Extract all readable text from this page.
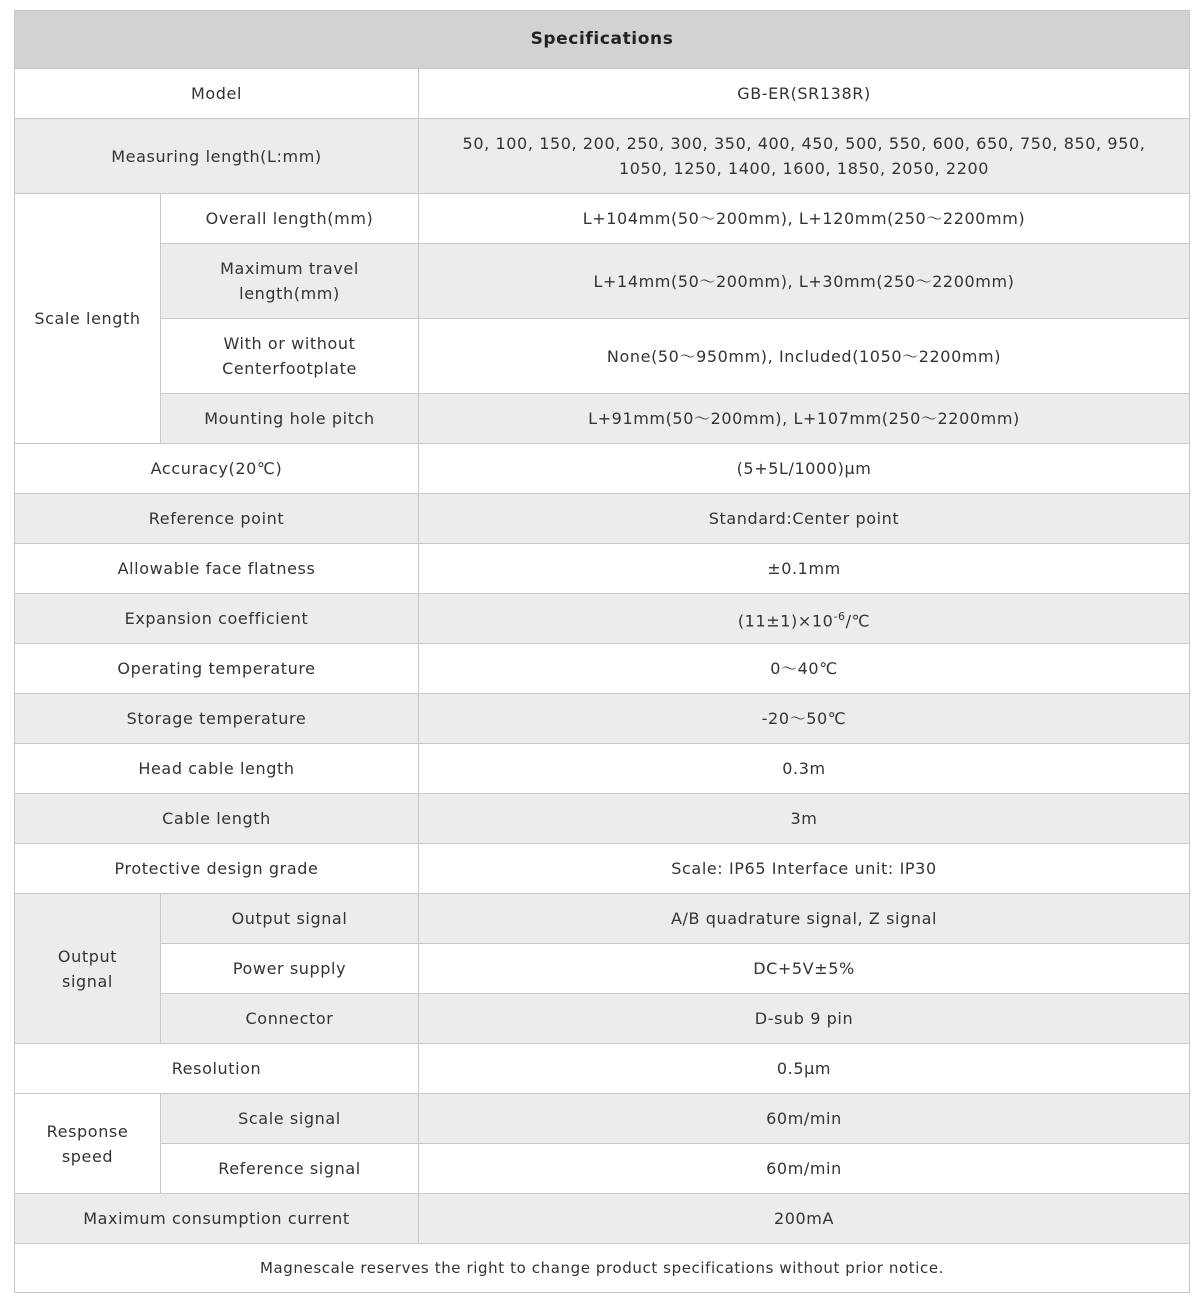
Specifications		
Model		GB-ER(SR138R)
Measuring length(L:mm)		50, 100, 150, 200, 250, 300, 350, 400, 450, 500, 550, 600, 650, 750, 850, 950, 1050, 1250, 1400, 1600, 1850, 2050, 2200
Scale length	Overall length(mm)	L+104mm(50～200mm), L+120mm(250～2200mm)
	Maximum travel length(mm)	L+14mm(50～200mm), L+30mm(250～2200mm)
	With or without Centerfootplate	None(50～950mm), Included(1050～2200mm)
	Mounting hole pitch	L+91mm(50～200mm), L+107mm(250～2200mm)
Accuracy(20℃)		(5+5L/1000)μm
Reference point		Standard:Center point
Allowable face flatness		±0.1mm
Expansion coefficient		$(11\pm 1)\times 10^{-6}/℃$
Operating temperature		0～40℃
Storage temperature		-20～50℃
Head cable length		0.3m
Cable length		3m
Protective design grade		Scale: IP65 Interface unit: IP30
Output signal	Output signal	A/B quadrature signal, Z signal
	Power supply	DC+5V±5%
	Connector	D-sub 9 pin
Resolution		0.5μm
Response speed	Scale signal	60m/min
	Reference signal	60m/min
Maximum consumption current		200mA
Magnescale reserves the right to change product specifications without prior notice.		
